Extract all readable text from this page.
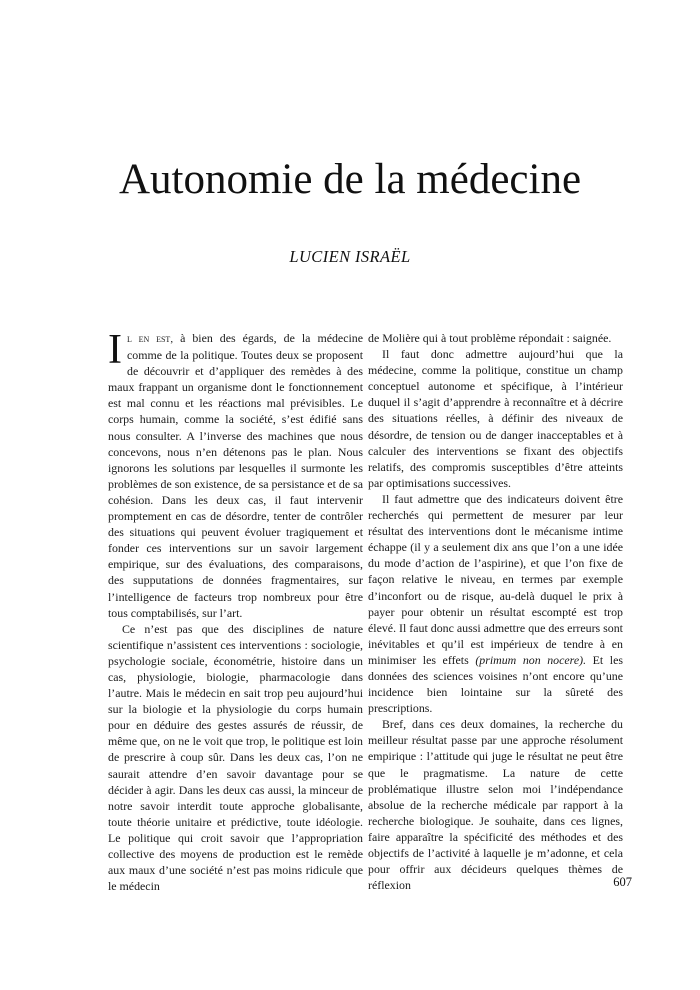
Autonomie de la médecine
LUCIEN ISRAËL

Il en est, à bien des égards, de la médecine comme de la politique. Toutes deux se proposent de découvrir et d’appliquer des remèdes à des maux frappant un organisme dont le fonctionnement est mal connu et les réactions mal prévisibles. Le corps humain, comme la société, s’est édifié sans nous consulter. A l’inverse des machines que nous concevons, nous n’en détenons pas le plan. Nous ignorons les solutions par lesquelles il surmonte les problèmes de son existence, de sa persistance et de sa cohésion. Dans les deux cas, il faut intervenir promptement en cas de désordre, tenter de contrôler des situations qui peuvent évoluer tragiquement et fonder ces interventions sur un savoir largement empirique, sur des évaluations, des comparaisons, des supputations de données fragmentaires, sur l’intelligence de facteurs trop nombreux pour être tous comptabilisés, sur l’art.

Ce n’est pas que des disciplines de nature scientifique n’assistent ces interventions : sociologie, psychologie sociale, économétrie, histoire dans un cas, physiologie, biologie, pharmacologie dans l’autre. Mais le médecin en sait trop peu aujourd’hui sur la biologie et la physiologie du corps humain pour en déduire des gestes assurés de réussir, de même que, on ne le voit que trop, le politique est loin de prescrire à coup sûr. Dans les deux cas, l’on ne saurait attendre d’en savoir davantage pour se décider à agir. Dans les deux cas aussi, la minceur de notre savoir interdit toute approche globalisante, toute théorie unitaire et prédictive, toute idéologie. Le politique qui croit savoir que l’appropriation collective des moyens de production est le remède aux maux d’une société n’est pas moins ridicule que le médecin

de Molière qui à tout problème répondait : saignée.

Il faut donc admettre aujourd’hui que la médecine, comme la politique, constitue un champ conceptuel autonome et spécifique, à l’intérieur duquel il s’agit d’apprendre à reconnaître et à décrire des situations réelles, à définir des niveaux de désordre, de tension ou de danger inacceptables et à calculer des interventions se fixant des objectifs relatifs, des compromis susceptibles d’être atteints par optimisations successives.

Il faut admettre que des indicateurs doivent être recherchés qui permettent de mesurer par leur résultat des interventions dont le mécanisme intime échappe (il y a seulement dix ans que l’on a une idée du mode d’action de l’aspirine), et que l’on fixe de façon relative le niveau, en termes par exemple d’inconfort ou de risque, au-delà duquel le prix à payer pour obtenir un résultat escompté est trop élevé. Il faut donc aussi admettre que des erreurs sont inévitables et qu’il est impérieux de tendre à en minimiser les effets (primum non nocere). Et les données des sciences voisines n’ont encore qu’une incidence bien lointaine sur la sûreté des prescriptions.

Bref, dans ces deux domaines, la recherche du meilleur résultat passe par une approche résolument empirique : l’attitude qui juge le résultat ne peut être que le pragmatisme. La nature de cette problématique illustre selon moi l’indépendance absolue de la recherche médicale par rapport à la recherche biologique. Je souhaite, dans ces lignes, faire apparaître la spécificité des méthodes et des objectifs de l’activité à laquelle je m’adonne, et cela pour offrir aux décideurs quelques thèmes de réflexion	607
